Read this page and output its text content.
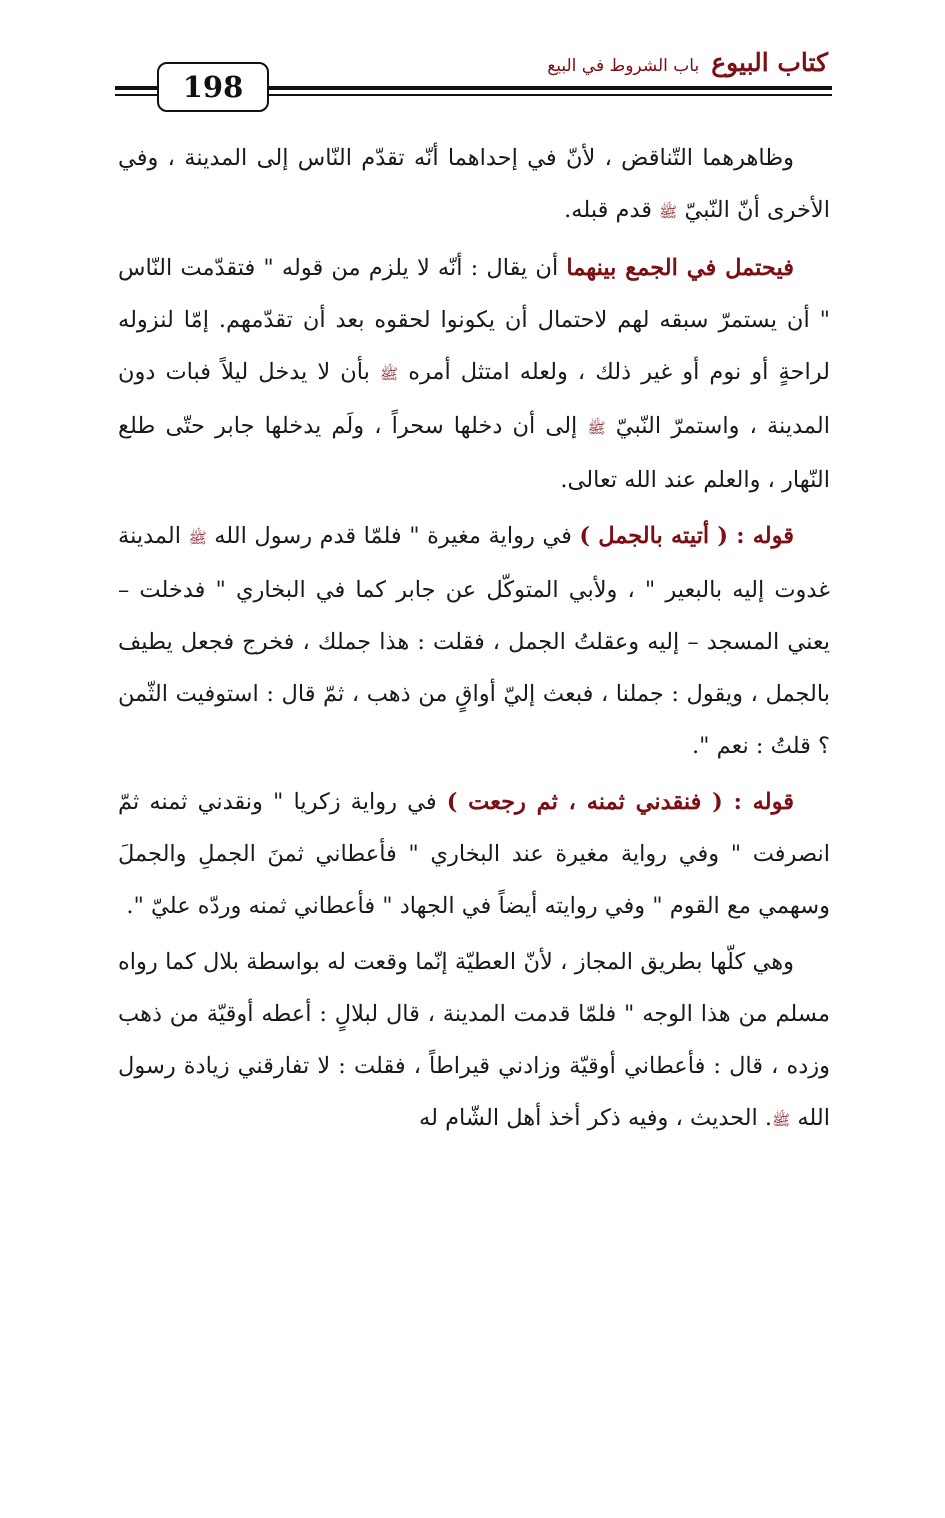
198
كتاب البيوع
باب الشروط في البيع

وظاهرهما التّناقض ، لأنّ في إحداهما أنّه تقدّم النّاس إلى المدينة ، وفي الأخرى أنّ النّبيّ ﷺ قدم قبله.

فيحتمل في الجمع بينهما أن يقال : أنّه لا يلزم من قوله " فتقدّمت النّاس " أن يستمرّ سبقه لهم لاحتمال أن يكونوا لحقوه بعد أن تقدّمهم. إمّا لنزوله لراحةٍ أو نوم أو غير ذلك ، ولعله امتثل أمره ﷺ بأن لا يدخل ليلاً فبات دون المدينة ، واستمرّ النّبيّ ﷺ إلى أن دخلها سحراً ، ولَم يدخلها جابر حتّى طلع النّهار ، والعلم عند الله تعالى.

قوله : ( أتيته بالجمل ) في رواية مغيرة " فلمّا قدم رسول الله ﷺ المدينة غدوت إليه بالبعير " ، ولأبي المتوكّل عن جابر كما في البخاري " فدخلت – يعني المسجد – إليه وعقلتُ الجمل ، فقلت : هذا جملك ، فخرج فجعل يطيف بالجمل ، ويقول : جملنا ، فبعث إليّ أواقٍ من ذهب ، ثمّ قال : استوفيت الثّمن ؟ قلتُ : نعم ".

قوله : ( فنقدني ثمنه ، ثم رجعت ) في رواية زكريا " ونقدني ثمنه ثمّ انصرفت " وفي رواية مغيرة عند البخاري " فأعطاني ثمنَ الجملِ والجملَ وسهمي مع القوم " وفي روايته أيضاً في الجهاد " فأعطاني ثمنه وردّه عليّ ".

وهي كلّها بطريق المجاز ، لأنّ العطيّة إنّما وقعت له بواسطة بلال كما رواه مسلم من هذا الوجه " فلمّا قدمت المدينة ، قال لبلالٍ : أعطه أوقيّة من ذهب وزده ، قال : فأعطاني أوقيّة وزادني قيراطاً ، فقلت : لا تفارقني زيادة رسول الله ﷺ. الحديث ، وفيه ذكر أخذ أهل الشّام له
